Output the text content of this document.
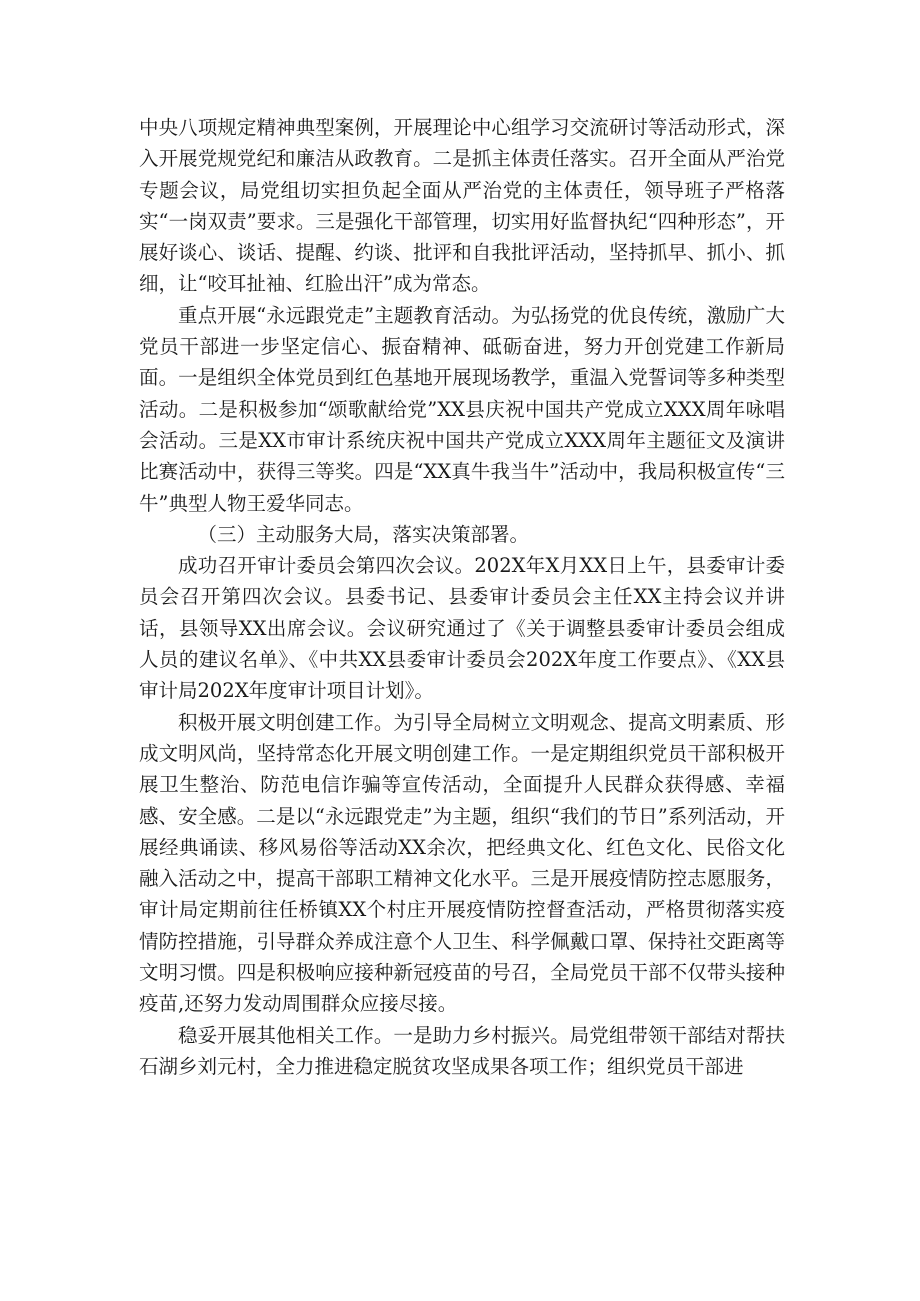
中央八项规定精神典型案例，开展理论中心组学习交流研讨等活动形式，深入开展党规党纪和廉洁从政教育。二是抓主体责任落实。召开全面从严治党专题会议，局党组切实担负起全面从严治党的主体责任，领导班子严格落实“一岗双责”要求。三是强化干部管理，切实用好监督执纪“四种形态”，开展好谈心、谈话、提醒、约谈、批评和自我批评活动，坚持抓早、抓小、抓细，让“咬耳扯袖、红脸出汗”成为常态。

重点开展“永远跟党走”主题教育活动。为弘扬党的优良传统，激励广大党员干部进一步坚定信心、振奋精神、砥砺奋进，努力开创党建工作新局面。一是组织全体党员到红色基地开展现场教学，重温入党誓词等多种类型活动。二是积极参加“颂歌献给党”XX县庆祝中国共产党成立XXX周年咏唱会活动。三是XX市审计系统庆祝中国共产党成立XXX周年主题征文及演讲比赛活动中，获得三等奖。四是“XX真牛我当牛”活动中，我局积极宣传“三牛”典型人物王爱华同志。

（三）主动服务大局，落实决策部署。

成功召开审计委员会第四次会议。202X年X月XX日上午，县委审计委员会召开第四次会议。县委书记、县委审计委员会主任XX主持会议并讲话，县领导XX出席会议。会议研究通过了《关于调整县委审计委员会组成人员的建议名单》、《中共XX县委审计委员会202X年度工作要点》、《XX县审计局202X年度审计项目计划》。

积极开展文明创建工作。为引导全局树立文明观念、提高文明素质、形成文明风尚，坚持常态化开展文明创建工作。一是定期组织党员干部积极开展卫生整治、防范电信诈骗等宣传活动，全面提升人民群众获得感、幸福感、安全感。二是以“永远跟党走”为主题，组织“我们的节日”系列活动，开展经典诵读、移风易俗等活动XX余次，把经典文化、红色文化、民俗文化融入活动之中，提高干部职工精神文化水平。三是开展疫情防控志愿服务，审计局定期前往任桥镇XX个村庄开展疫情防控督查活动，严格贯彻落实疫情防控措施，引导群众养成注意个人卫生、科学佩戴口罩、保持社交距离等文明习惯。四是积极响应接种新冠疫苗的号召，全局党员干部不仅带头接种疫苗,还努力发动周围群众应接尽接。

稳妥开展其他相关工作。一是助力乡村振兴。局党组带领干部结对帮扶石湖乡刘元村，全力推进稳定脱贫攻坚成果各项工作；组织党员干部进
